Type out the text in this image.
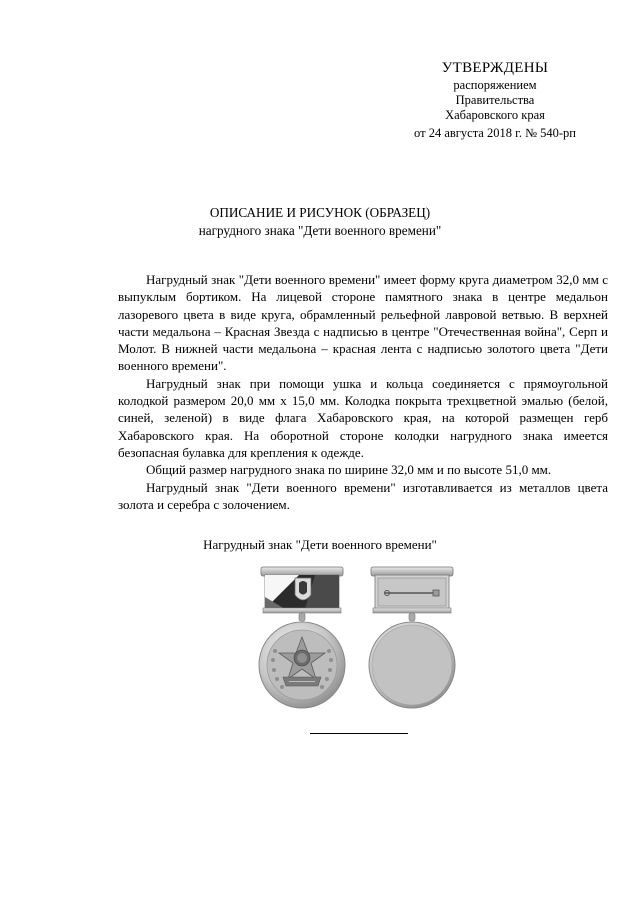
УТВЕРЖДЕНЫ
распоряжением
Правительства
Хабаровского края
от 24 августа 2018 г. № 540-рп
ОПИСАНИЕ И РИСУНОК (ОБРАЗЕЦ)
нагрудного знака "Дети военного времени"

Нагрудный знак "Дети военного времени" имеет форму круга диаметром 32,0 мм с выпуклым бортиком. На лицевой стороне памятного знака в центре медальон лазоревого цвета в виде круга, обрамленный рельефной лавровой ветвью. В верхней части медальона – Красная Звезда с надписью в центре "Отечественная война", Серп и Молот. В нижней части медальона – красная лента с надписью золотого цвета "Дети военного времени".

Нагрудный знак при помощи ушка и кольца соединяется с прямоугольной колодкой размером 20,0 мм х 15,0 мм. Колодка покрыта трехцветной эмалью (белой, синей, зеленой) в виде флага Хабаровского края, на которой размещен герб Хабаровского края. На оборотной стороне колодки нагрудного знака имеется безопасная булавка для крепления к одежде.

Общий размер нагрудного знака по ширине 32,0 мм и по высоте 51,0 мм.

Нагрудный знак "Дети военного времени" изготавливается из металлов цвета золота и серебра с золочением.

Нагрудный знак "Дети военного времени"
